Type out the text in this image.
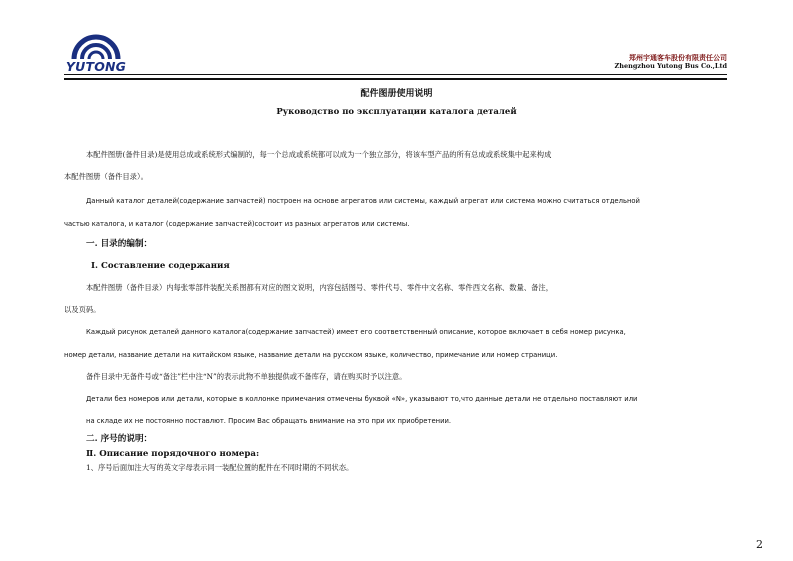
YUTONG
郑州宇通客车股份有限责任公司
Zhengzhou Yutong Bus Co.,Ltd
配件图册使用说明
Руководство по эксплуатации каталога деталей
本配件图册(备件目录)是使用总成或系统形式编制的，每一个总成或系统都可以成为一个独立部分，将该车型产品的所有总成或系统集中起来构成
本配件图册（备件目录）。
Данный каталог деталей(содержание запчастей) построен на основе агрегатов или системы, каждый агрегат или система можно считаться отдельной
частью каталога, и каталог (содержание запчастей)состоит из разных агрегатов или системы.
一. 目录的编制：
Ⅰ. Составление содержания
本配件图册（备件目录）内每张零部件装配关系图都有对应的图文说明，内容包括图号、零件代号、零件中文名称、零件西文名称、数量、备注，
以及页码。
Каждый рисунок деталей данного каталога(содержание запчастей) имеет его соответственный описание, которое включает в себя номер рисунка,
номер детали, название детали на китайском языке, название детали на русском языке, количество, примечание или номер страници.
备件目录中无备件号或“备注”栏中注“N”的表示此物不单独提供或不备库存，请在购买时予以注意。
Детали без номеров или детали, которые в коллонке примечания отмечены буквой «N», указывают то,что данные детали не отдельно поставляют или
на складе их не постоянно поставлют. Просим Вас обращать внимание на это при их приобретении.
二. 序号的说明：
Ⅱ. Описание порядочного номера:
1、序号后面加注大写的英文字母表示同一装配位置的配件在不同时期的不同状态。
2
